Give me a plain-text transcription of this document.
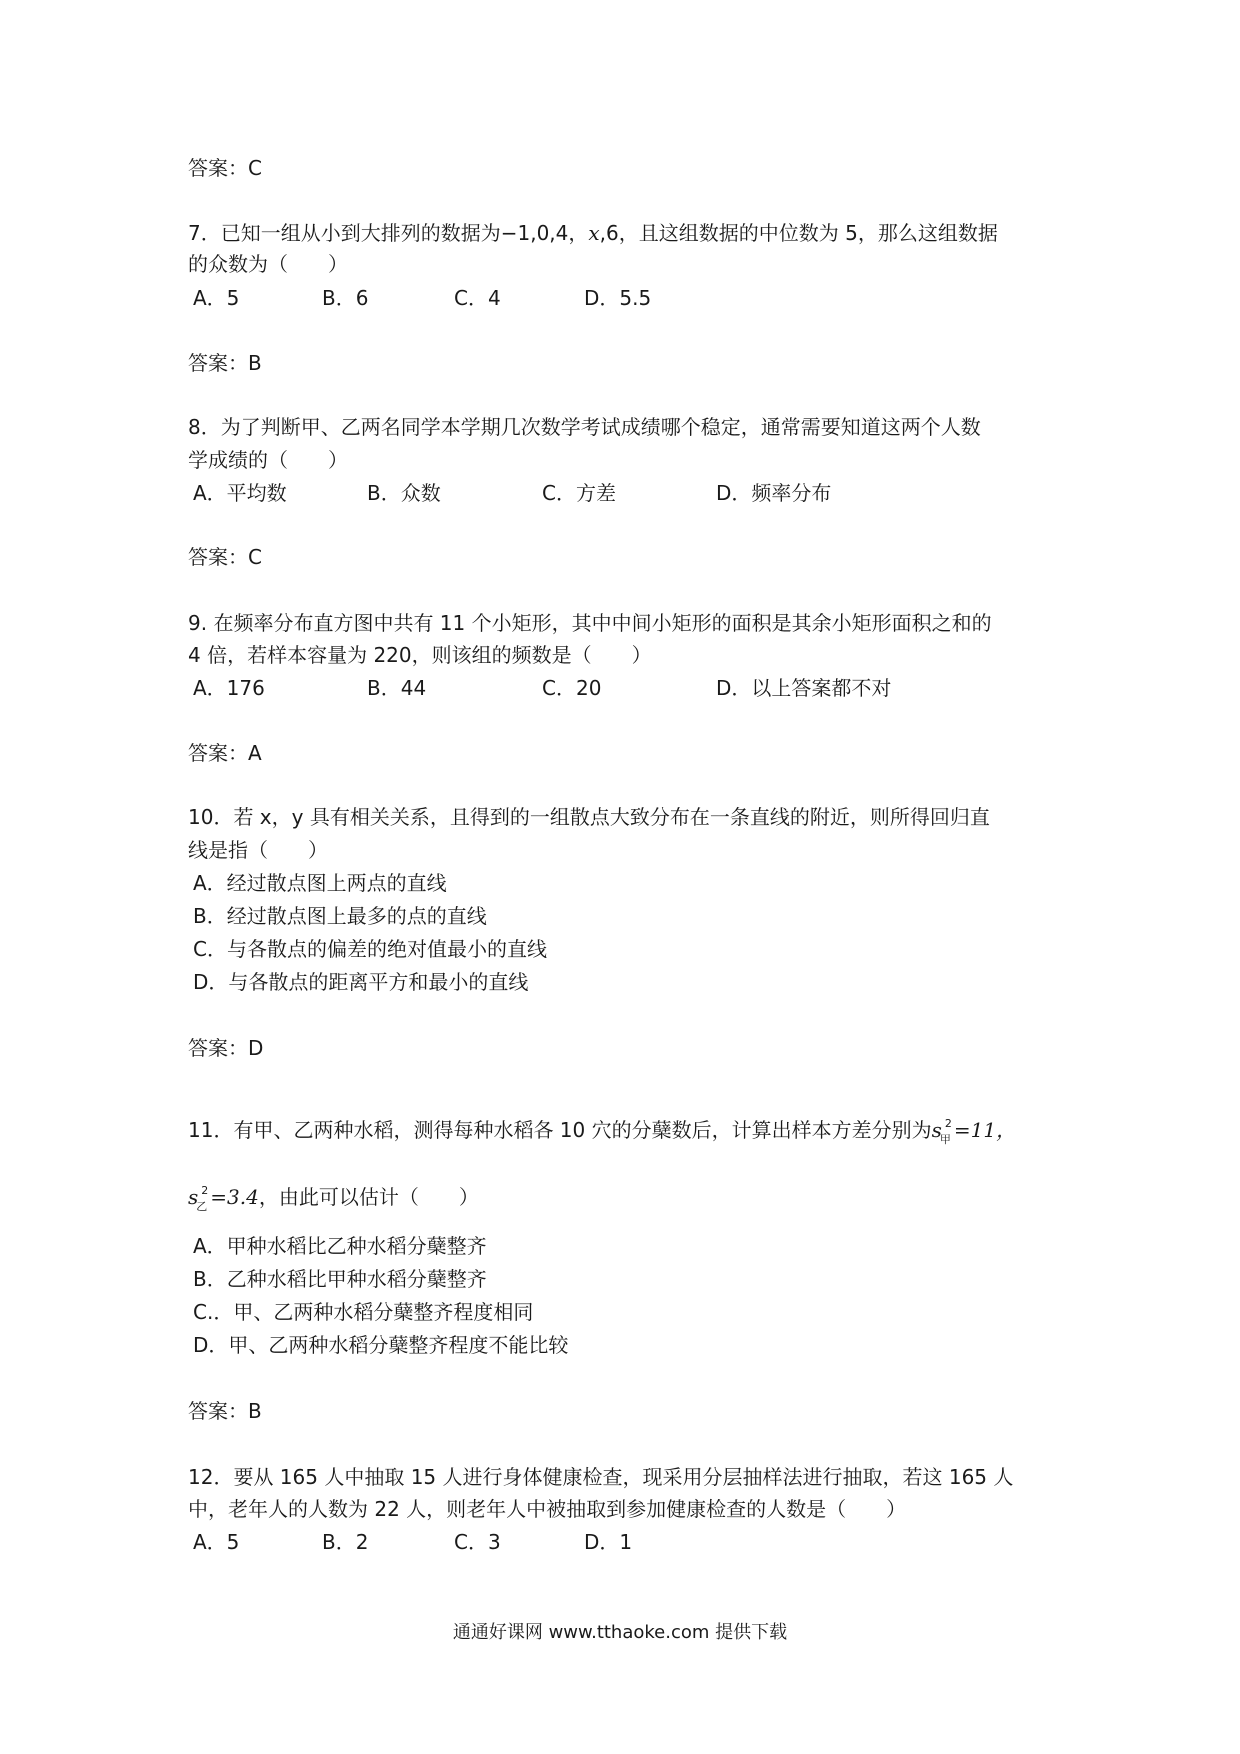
答案：C
7．已知一组从小到大排列的数据为−1,0,4，x,6，且这组数据的中位数为 5，那么这组数据
的众数为（　　）
A．5	B．6	C．4	D．5.5
答案：B
8．为了判断甲、乙两名同学本学期几次数学考试成绩哪个稳定，通常需要知道这两个人数
学成绩的（　　）
A．平均数	B．众数	C．方差	D．频率分布
答案：C
9. 在频率分布直方图中共有 11 个小矩形，其中中间小矩形的面积是其余小矩形面积之和的
4 倍，若样本容量为 220，则该组的频数是（　　）
A．176	B．44	C．20	D．以上答案都不对
答案：A
10．若 x，y 具有相关关系，且得到的一组散点大致分布在一条直线的附近，则所得回归直
线是指（　　）
A．经过散点图上两点的直线
B．经过散点图上最多的点的直线
C．与各散点的偏差的绝对值最小的直线
D．与各散点的距离平方和最小的直线
答案：D
11．有甲、乙两种水稻，测得每种水稻各 10 穴的分蘖数后，计算出样本方差分别为$s_甲^2 =11$，
$s_乙^2 =3.4$，由此可以估计（　　）
A．甲种水稻比乙种水稻分蘖整齐
B．乙种水稻比甲种水稻分蘖整齐
C.．甲、乙两种水稻分蘖整齐程度相同
D．甲、乙两种水稻分蘖整齐程度不能比较
答案：B
12．要从 165 人中抽取 15 人进行身体健康检查，现采用分层抽样法进行抽取，若这 165 人
中，老年人的人数为 22 人，则老年人中被抽取到参加健康检查的人数是（　　）
A．5	B．2	C．3	D．1
通通好课网 www.tthaoke.com 提供下载
